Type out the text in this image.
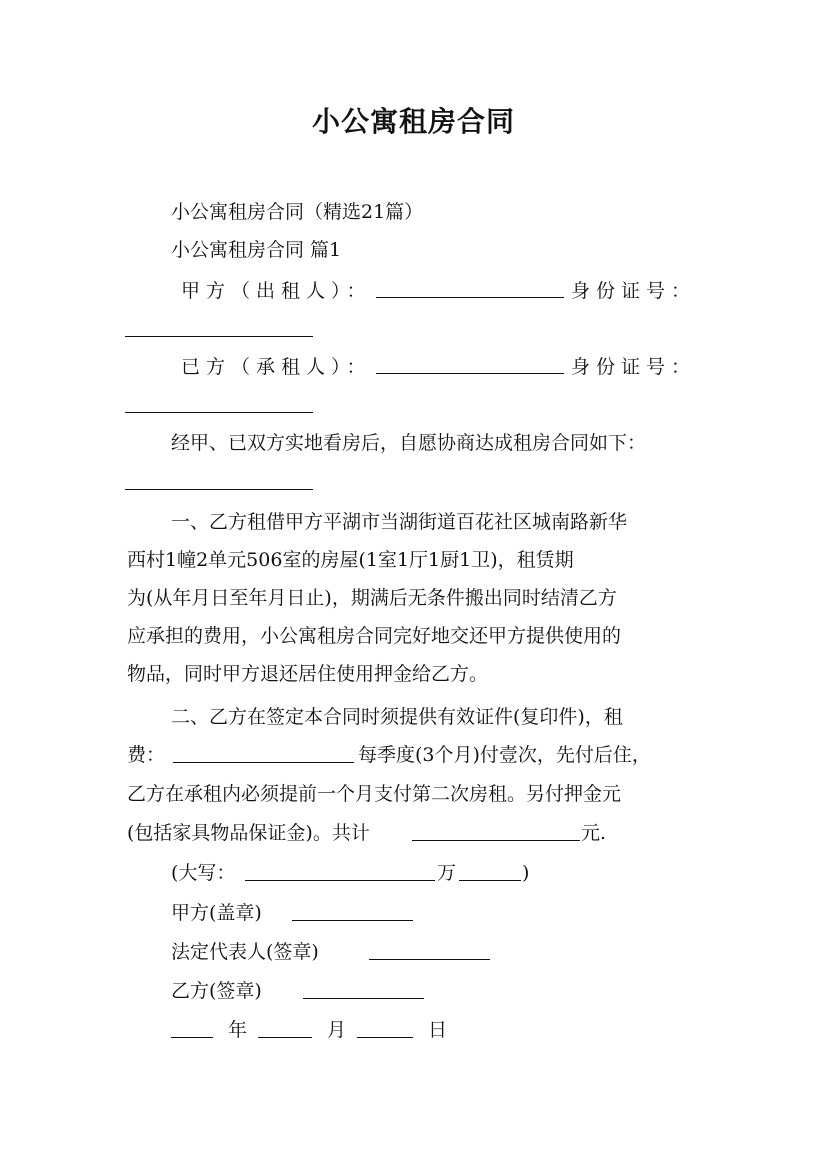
小公寓租房合同
小公寓租房合同（精选21篇）
小公寓租房合同 篇1
甲方（出租人）：	身份证号：
已方（承租人）：	身份证号：
经甲、已双方实地看房后，自愿协商达成租房合同如下：
一、乙方租借甲方平湖市当湖街道百花社区城南路新华
西村1幢2单元506室的房屋(1室1厅1厨1卫)，租赁期
为(从年月日至年月日止)，期满后无条件搬出同时结清乙方
应承担的费用，小公寓租房合同完好地交还甲方提供使用的
物品，同时甲方退还居住使用押金给乙方。
二、乙方在签定本合同时须提供有效证件(复印件)，租
费：	每季度(3个月)付壹次，先付后住，
乙方在承租内必须提前一个月支付第二次房租。另付押金元
(包括家具物品保证金)。共计	元.
(大写：	万	)
甲方(盖章)
法定代表人(签章)
乙方(签章)
年	月	日
